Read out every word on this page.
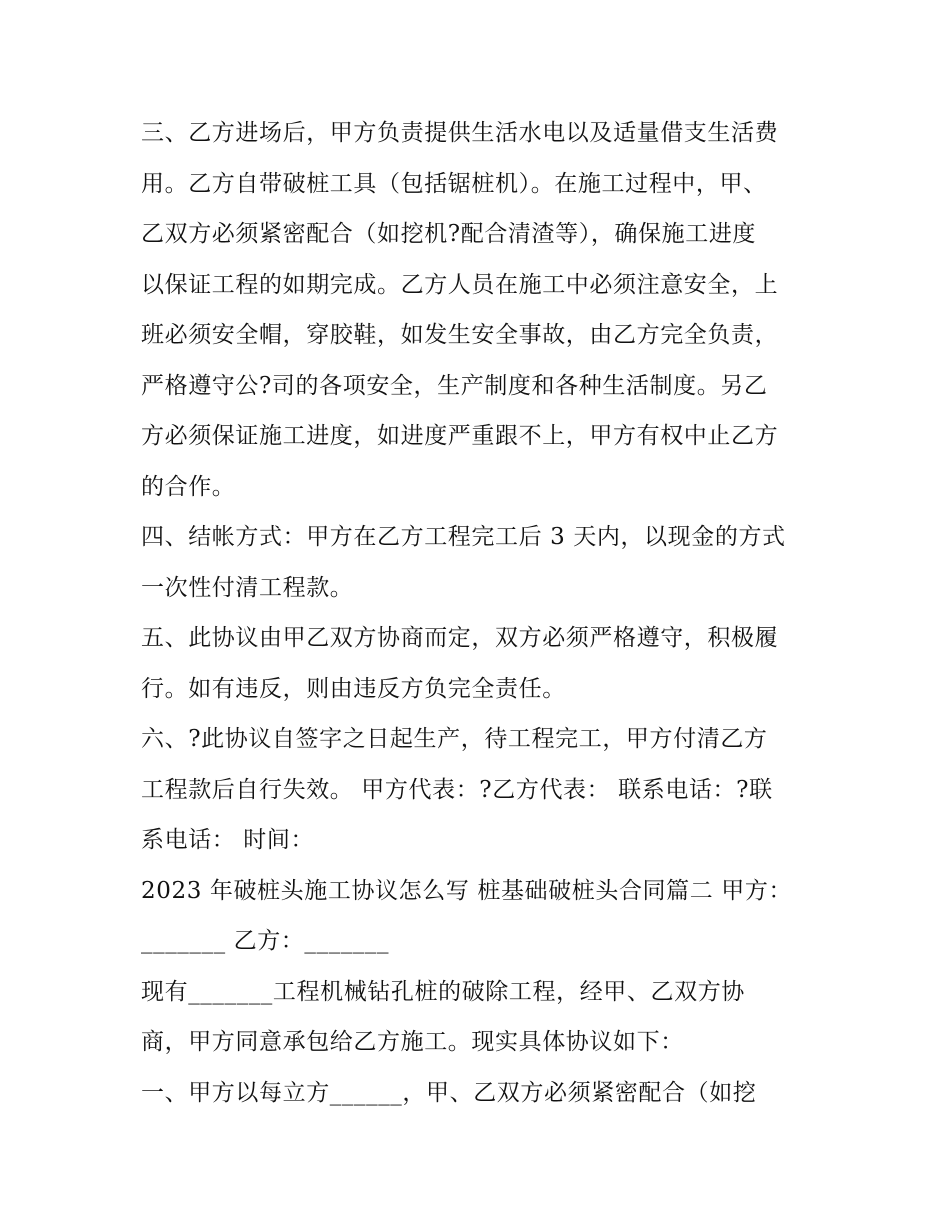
三、乙方进场后，甲方负责提供生活水电以及适量借支生活费
用。乙方自带破桩工具（包括锯桩机）。在施工过程中，甲、
乙双方必须紧密配合（如挖机?配合清渣等），确保施工进度
以保证工程的如期完成。乙方人员在施工中必须注意安全，上
班必须安全帽，穿胶鞋，如发生安全事故，由乙方完全负责，
严格遵守公?司的各项安全，生产制度和各种生活制度。另乙
方必须保证施工进度，如进度严重跟不上，甲方有权中止乙方
的合作。
四、结帐方式：甲方在乙方工程完工后 3 天内，以现金的方式
一次性付清工程款。
五、此协议由甲乙双方协商而定，双方必须严格遵守，积极履
行。如有违反，则由违反方负完全责任。
六、?此协议自签字之日起生产，待工程完工，甲方付清乙方
工程款后自行失效。 甲方代表：?乙方代表： 联系电话：?联
系电话： 时间：
2023 年破桩头施工协议怎么写 桩基础破桩头合同篇二 甲方：
_______ 乙方：_______
现有_______工程机械钻孔桩的破除工程，经甲、乙双方协
商，甲方同意承包给乙方施工。现实具体协议如下：
一、甲方以每立方______，甲、乙双方必须紧密配合（如挖
